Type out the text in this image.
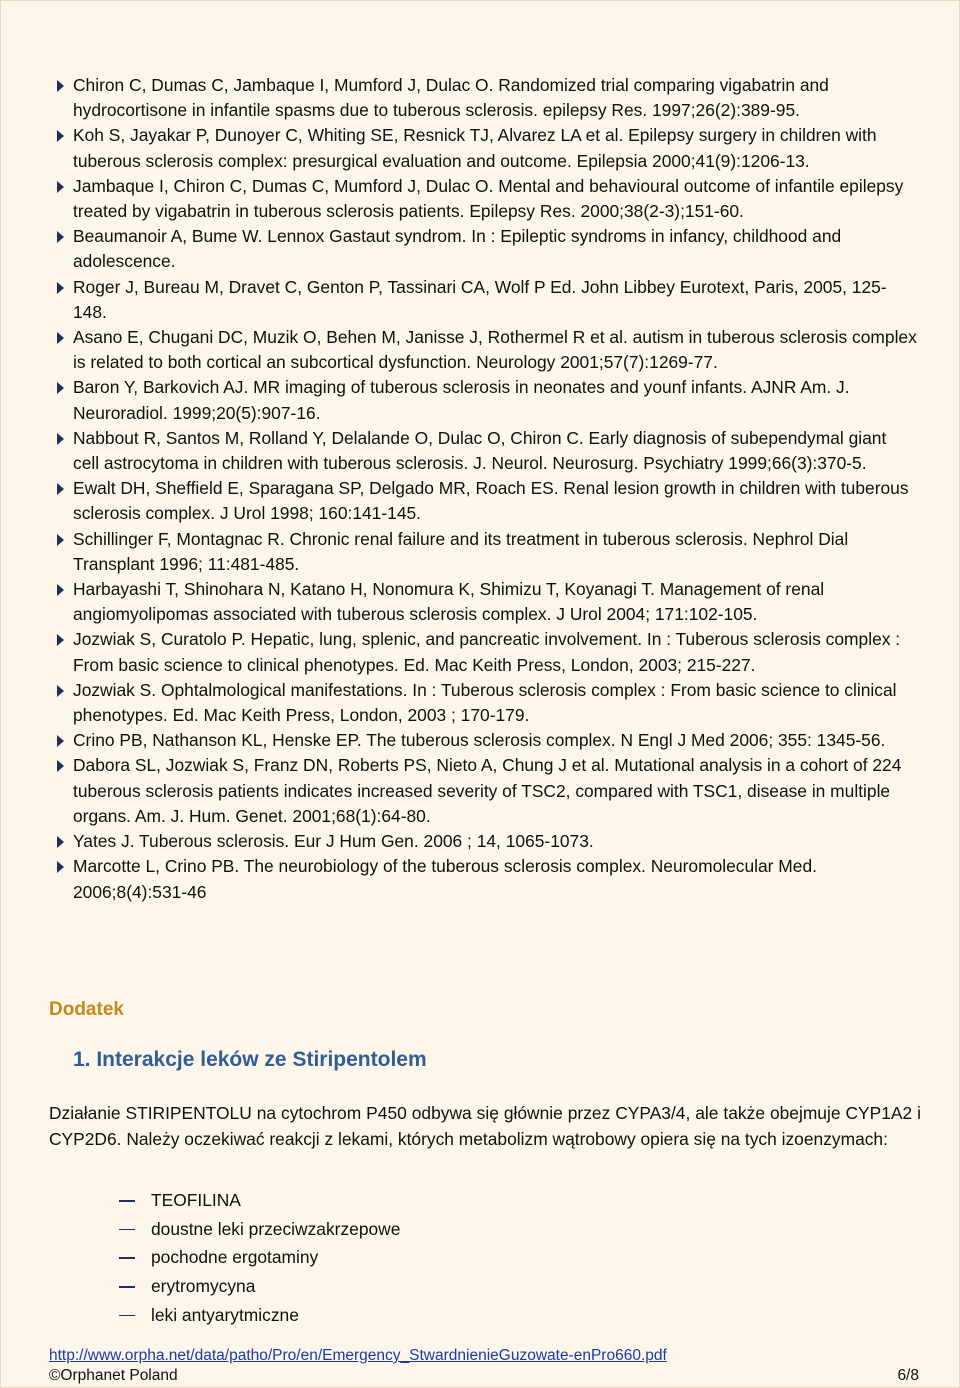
Chiron C, Dumas C, Jambaque I, Mumford J, Dulac O. Randomized trial comparing vigabatrin and hydrocortisone in infantile spasms due to tuberous sclerosis. epilepsy Res. 1997;26(2):389-95.
Koh S, Jayakar P, Dunoyer C, Whiting SE, Resnick TJ, Alvarez LA et al. Epilepsy surgery in children with tuberous sclerosis complex: presurgical evaluation and outcome. Epilepsia 2000;41(9):1206-13.
Jambaque I, Chiron C, Dumas C, Mumford J, Dulac O. Mental and behavioural outcome of infantile epilepsy treated by vigabatrin in tuberous sclerosis patients. Epilepsy Res. 2000;38(2-3);151-60.
Beaumanoir A, Bume W. Lennox Gastaut syndrom. In : Epileptic syndroms in infancy, childhood and adolescence.
Roger J, Bureau M, Dravet C, Genton P, Tassinari CA, Wolf P Ed. John Libbey Eurotext, Paris, 2005, 125-148.
Asano E, Chugani DC, Muzik O, Behen M, Janisse J, Rothermel R et al. autism in tuberous sclerosis complex is related to both cortical an subcortical dysfunction. Neurology 2001;57(7):1269-77.
Baron Y, Barkovich AJ. MR imaging of tuberous sclerosis in neonates and younf infants. AJNR Am. J. Neuroradiol. 1999;20(5):907-16.
Nabbout R, Santos M, Rolland Y, Delalande O, Dulac O, Chiron C. Early diagnosis of subependymal giant cell astrocytoma in children with tuberous sclerosis. J. Neurol. Neurosurg. Psychiatry 1999;66(3):370-5.
Ewalt DH, Sheffield E, Sparagana SP, Delgado MR, Roach ES. Renal lesion growth in children with tuberous sclerosis complex. J Urol 1998; 160:141-145.
Schillinger F, Montagnac R. Chronic renal failure and its treatment in tuberous sclerosis. Nephrol Dial Transplant 1996; 11:481-485.
Harbayashi T, Shinohara N, Katano H, Nonomura K, Shimizu T, Koyanagi T. Management of renal angiomyolipomas associated with tuberous sclerosis complex. J Urol 2004; 171:102-105.
Jozwiak S, Curatolo P. Hepatic, lung, splenic, and pancreatic involvement. In : Tuberous sclerosis complex : From basic science to clinical phenotypes. Ed. Mac Keith Press, London, 2003; 215-227.
Jozwiak S. Ophtalmological manifestations. In : Tuberous sclerosis complex : From basic science to clinical phenotypes. Ed. Mac Keith Press, London, 2003 ; 170-179.
Crino PB, Nathanson KL, Henske EP. The tuberous sclerosis complex. N Engl J Med 2006; 355: 1345-56.
Dabora SL, Jozwiak S, Franz DN, Roberts PS, Nieto A, Chung J et al. Mutational analysis in a cohort of 224 tuberous sclerosis patients indicates increased severity of TSC2, compared with TSC1, disease in multiple organs. Am. J. Hum. Genet. 2001;68(1):64-80.
Yates J. Tuberous sclerosis. Eur J Hum Gen. 2006 ; 14, 1065-1073.
Marcotte L, Crino PB. The neurobiology of the tuberous sclerosis complex. Neuromolecular Med. 2006;8(4):531-46
Dodatek
1. Interakcje leków ze Stiripentolem
Działanie STIRIPENTOLU na cytochrom P450 odbywa się głównie przez CYPA3/4, ale także obejmuje CYP1A2 i CYP2D6. Należy oczekiwać reakcji z lekami, których metabolizm wątrobowy opiera się na tych izoenzymach:
TEOFILINA
doustne leki przeciwzakrzepowe
pochodne ergotaminy
erytromycyna
leki antyarytmiczne
http://www.orpha.net/data/patho/Pro/en/Emergency_StwardnienieGuzowate-enPro660.pdf
©Orphanet Poland	6/8
